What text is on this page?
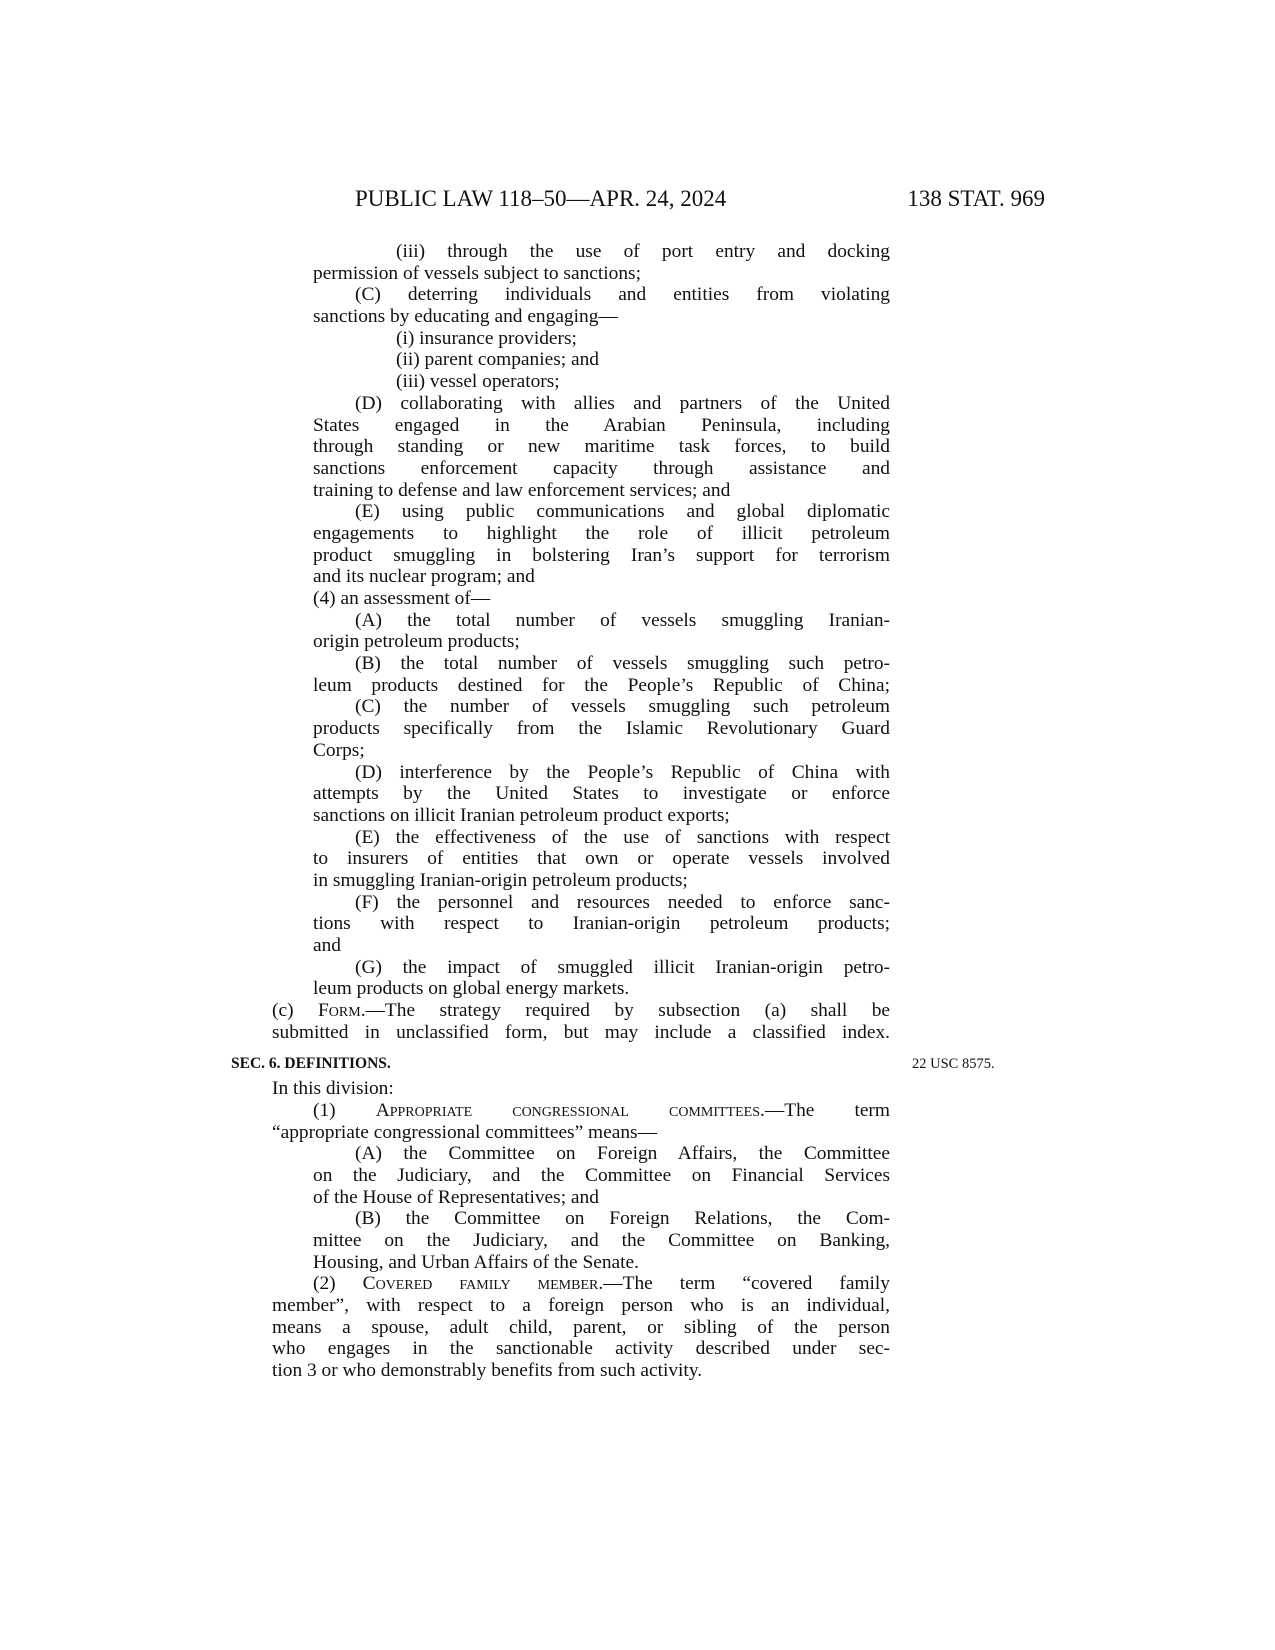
PUBLIC LAW 118–50—APR. 24, 2024	138 STAT. 969
(iii) through the use of port entry and docking
permission of vessels subject to sanctions;
(C) deterring individuals and entities from violating
sanctions by educating and engaging—
(i) insurance providers;
(ii) parent companies; and
(iii) vessel operators;
(D) collaborating with allies and partners of the United
States engaged in the Arabian Peninsula, including
through standing or new maritime task forces, to build
sanctions enforcement capacity through assistance and
training to defense and law enforcement services; and
(E) using public communications and global diplomatic
engagements to highlight the role of illicit petroleum
product smuggling in bolstering Iran’s support for terrorism
and its nuclear program; and
(4) an assessment of—
(A) the total number of vessels smuggling Iranian-
origin petroleum products;
(B) the total number of vessels smuggling such petro-
leum products destined for the People’s Republic of China;
(C) the number of vessels smuggling such petroleum
products specifically from the Islamic Revolutionary Guard
Corps;
(D) interference by the People’s Republic of China with
attempts by the United States to investigate or enforce
sanctions on illicit Iranian petroleum product exports;
(E) the effectiveness of the use of sanctions with respect
to insurers of entities that own or operate vessels involved
in smuggling Iranian-origin petroleum products;
(F) the personnel and resources needed to enforce sanc-
tions with respect to Iranian-origin petroleum products;
and
(G) the impact of smuggled illicit Iranian-origin petro-
leum products on global energy markets.
(c) Form.—The strategy required by subsection (a) shall be
submitted in unclassified form, but may include a classified index.
SEC. 6. DEFINITIONS.	22 USC 8575.
In this division:
(1) Appropriate congressional committees.—The term
“appropriate congressional committees” means—
(A) the Committee on Foreign Affairs, the Committee
on the Judiciary, and the Committee on Financial Services
of the House of Representatives; and
(B) the Committee on Foreign Relations, the Com-
mittee on the Judiciary, and the Committee on Banking,
Housing, and Urban Affairs of the Senate.
(2) Covered family member.—The term “covered family
member”, with respect to a foreign person who is an individual,
means a spouse, adult child, parent, or sibling of the person
who engages in the sanctionable activity described under sec-
tion 3 or who demonstrably benefits from such activity.
